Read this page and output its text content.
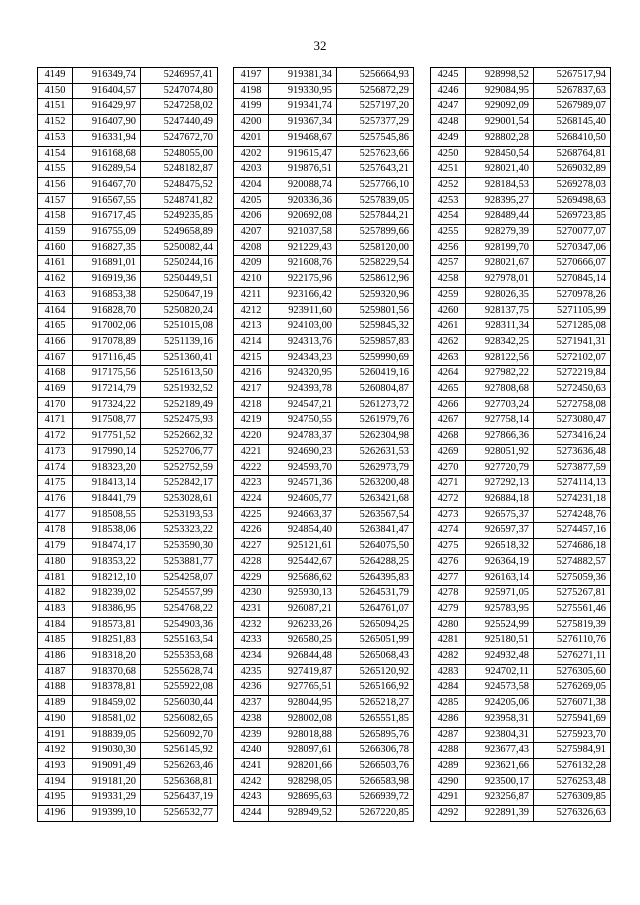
32
4149	916349,74	5246957,41
4150	916404,57	5247074,80
4151	916429,97	5247258,02
4152	916407,90	5247440,49
4153	916331,94	5247672,70
4154	916168,68	5248055,00
4155	916289,54	5248182,87
4156	916467,70	5248475,52
4157	916567,55	5248741,82
4158	916717,45	5249235,85
4159	916755,09	5249658,89
4160	916827,35	5250082,44
4161	916891,01	5250244,16
4162	916919,36	5250449,51
4163	916853,38	5250647,19
4164	916828,70	5250820,24
4165	917002,06	5251015,08
4166	917078,89	5251139,16
4167	917116,45	5251360,41
4168	917175,56	5251613,50
4169	917214,79	5251932,52
4170	917324,22	5252189,49
4171	917508,77	5252475,93
4172	917751,52	5252662,32
4173	917990,14	5252706,77
4174	918323,20	5252752,59
4175	918413,14	5252842,17
4176	918441,79	5253028,61
4177	918508,55	5253193,53
4178	918538,06	5253323,22
4179	918474,17	5253590,30
4180	918353,22	5253881,77
4181	918212,10	5254258,07
4182	918239,02	5254557,99
4183	918386,95	5254768,22
4184	918573,81	5254903,36
4185	918251,83	5255163,54
4186	918318,20	5255353,68
4187	918370,68	5255628,74
4188	918378,81	5255922,08
4189	918459,02	5256030,44
4190	918581,02	5256082,65
4191	918839,05	5256092,70
4192	919030,30	5256145,92
4193	919091,49	5256263,46
4194	919181,20	5256368,81
4195	919331,29	5256437,19
4196	919399,10	5256532,77
4197	919381,34	5256664,93
4198	919330,95	5256872,29
4199	919341,74	5257197,20
4200	919367,34	5257377,29
4201	919468,67	5257545,86
4202	919615,47	5257623,66
4203	919876,51	5257643,21
4204	920088,74	5257766,10
4205	920336,36	5257839,05
4206	920692,08	5257844,21
4207	921037,58	5257899,66
4208	921229,43	5258120,00
4209	921608,76	5258229,54
4210	922175,96	5258612,96
4211	923166,42	5259320,96
4212	923911,60	5259801,56
4213	924103,00	5259845,32
4214	924313,76	5259857,83
4215	924343,23	5259990,69
4216	924320,95	5260419,16
4217	924393,78	5260804,87
4218	924547,21	5261273,72
4219	924750,55	5261979,76
4220	924783,37	5262304,98
4221	924690,23	5262631,53
4222	924593,70	5262973,79
4223	924571,36	5263200,48
4224	924605,77	5263421,68
4225	924663,37	5263567,54
4226	924854,40	5263841,47
4227	925121,61	5264075,50
4228	925442,67	5264288,25
4229	925686,62	5264395,83
4230	925930,13	5264531,79
4231	926087,21	5264761,07
4232	926233,26	5265094,25
4233	926580,25	5265051,99
4234	926844,48	5265068,43
4235	927419,87	5265120,92
4236	927765,51	5265166,92
4237	928044,95	5265218,27
4238	928002,08	5265551,85
4239	928018,88	5265895,76
4240	928097,61	5266306,78
4241	928201,66	5266503,76
4242	928298,05	5266583,98
4243	928695,63	5266939,72
4244	928949,52	5267220,85
4245	928998,52	5267517,94
4246	929084,95	5267837,63
4247	929092,09	5267989,07
4248	929001,54	5268145,40
4249	928802,28	5268410,50
4250	928450,54	5268764,81
4251	928021,40	5269032,89
4252	928184,53	5269278,03
4253	928395,27	5269498,63
4254	928489,44	5269723,85
4255	928279,39	5270077,07
4256	928199,70	5270347,06
4257	928021,67	5270666,07
4258	927978,01	5270845,14
4259	928026,35	5270978,26
4260	928137,75	5271105,99
4261	928311,34	5271285,08
4262	928342,25	5271941,31
4263	928122,56	5272102,07
4264	927982,22	5272219,84
4265	927808,68	5272450,63
4266	927703,24	5272758,08
4267	927758,14	5273080,47
4268	927866,36	5273416,24
4269	928051,92	5273636,48
4270	927720,79	5273877,59
4271	927292,13	5274114,13
4272	926884,18	5274231,18
4273	926575,37	5274248,76
4274	926597,37	5274457,16
4275	926518,32	5274686,18
4276	926364,19	5274882,57
4277	926163,14	5275059,36
4278	925971,05	5275267,81
4279	925783,95	5275561,46
4280	925524,99	5275819,39
4281	925180,51	5276110,76
4282	924932,48	5276271,11
4283	924702,11	5276305,60
4284	924573,58	5276269,05
4285	924205,06	5276071,38
4286	923958,31	5275941,69
4287	923804,31	5275923,70
4288	923677,43	5275984,91
4289	923621,66	5276132,28
4290	923500,17	5276253,48
4291	923256,87	5276309,85
4292	922891,39	5276326,63
